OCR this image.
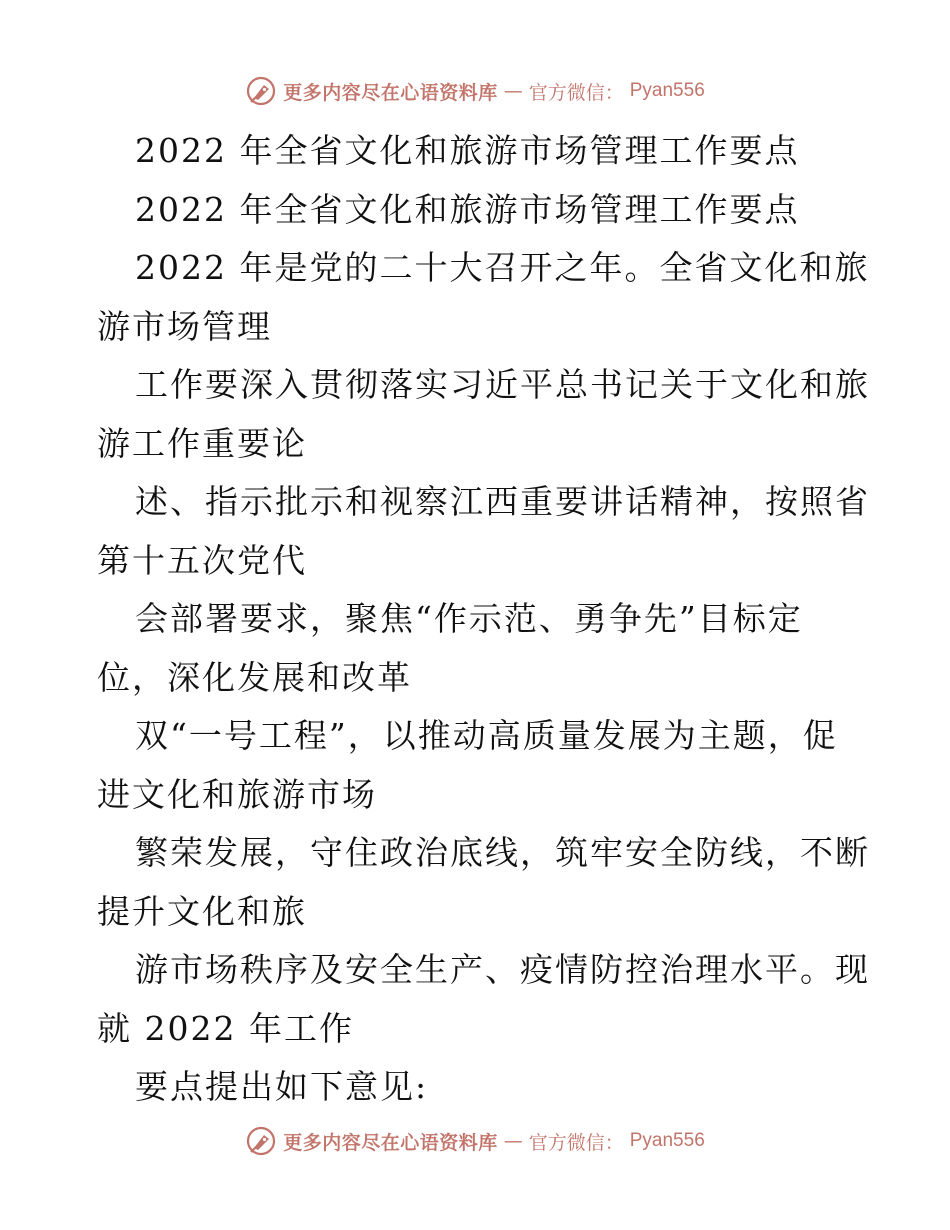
更多内容尽在心语资料库 — 官方微信： Pyan556
2022 年全省文化和旅游市场管理工作要点
2022 年全省文化和旅游市场管理工作要点
2022 年是党的二十大召开之年。全省文化和旅
游市场管理
工作要深入贯彻落实习近平总书记关于文化和旅
游工作重要论
述、指示批示和视察江西重要讲话精神，按照省
第十五次党代
会部署要求，聚焦“作示范、勇争先”目标定
位，深化发展和改革
双“一号工程”，以推动高质量发展为主题，促
进文化和旅游市场
繁荣发展，守住政治底线，筑牢安全防线，不断
提升文化和旅
游市场秩序及安全生产、疫情防控治理水平。现
就 2022 年工作
要点提出如下意见:
更多内容尽在心语资料库 — 官方微信： Pyan556
